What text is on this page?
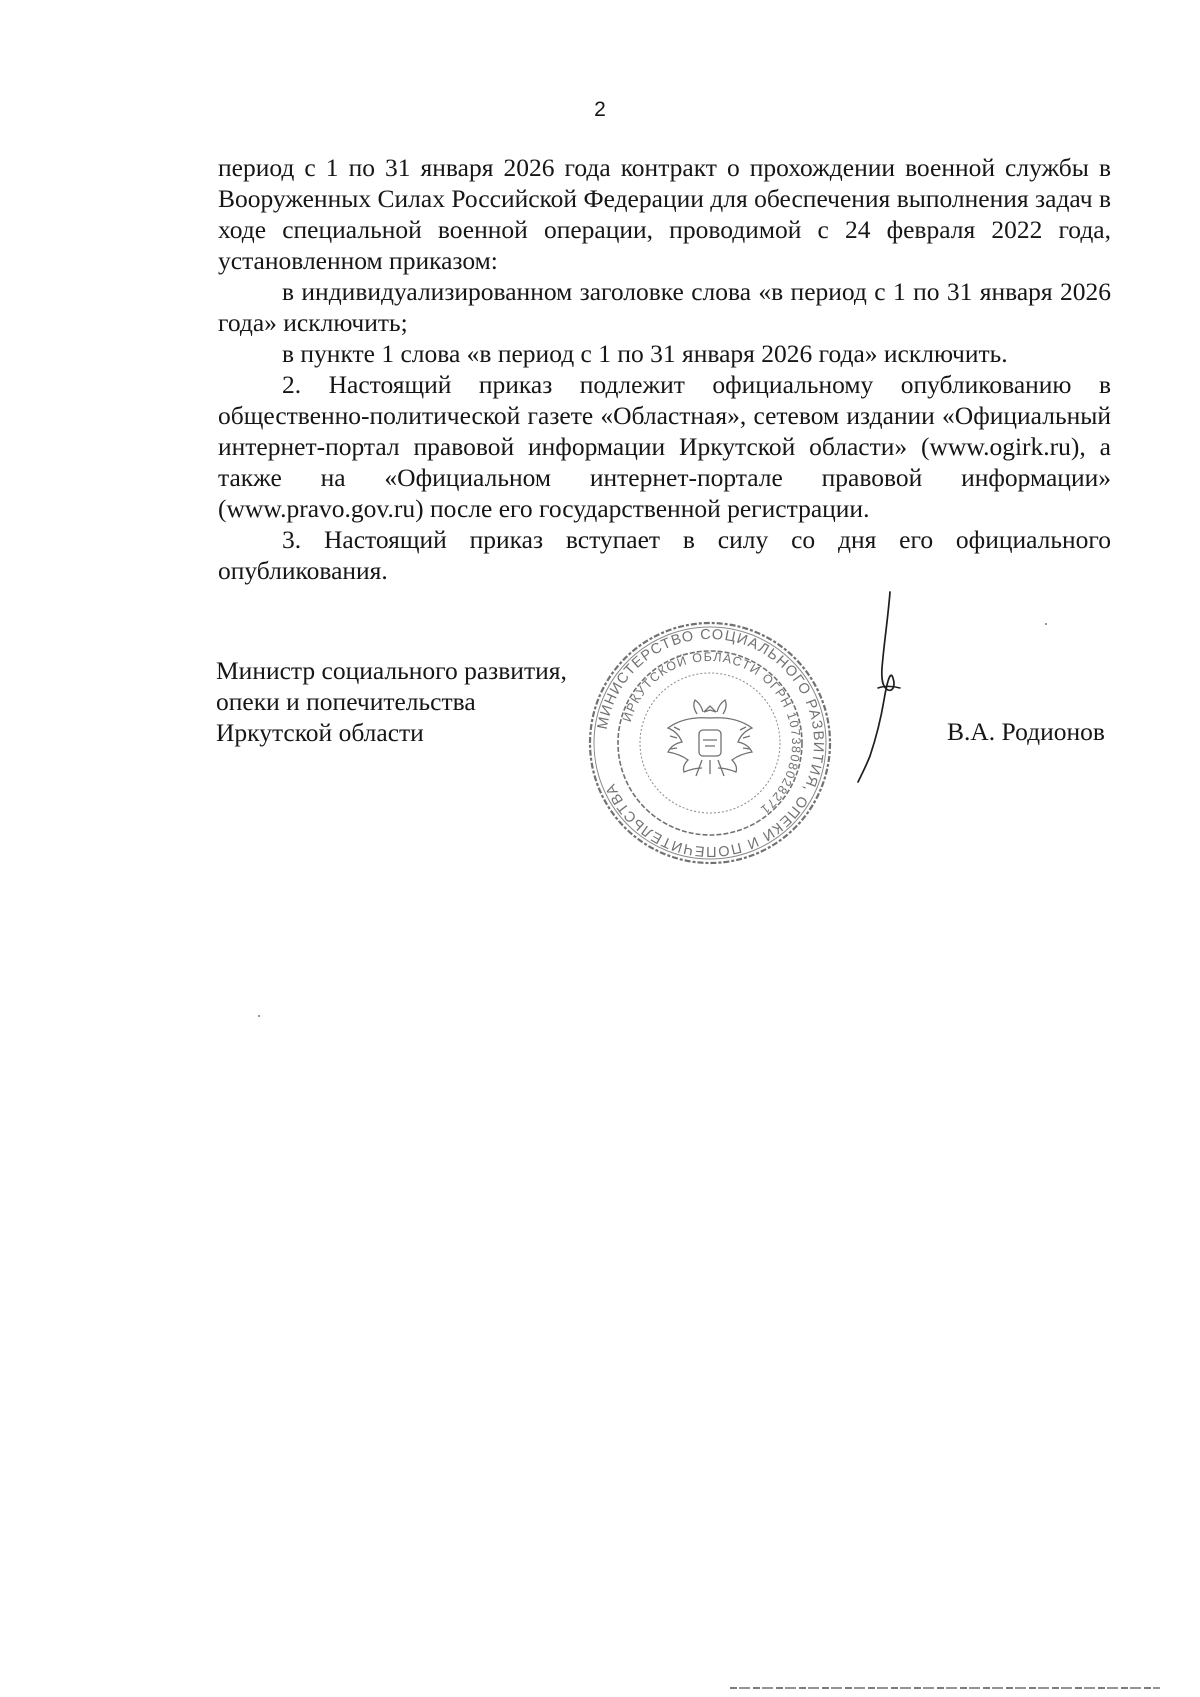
2

период с 1 по 31 января 2026 года контракт о прохождении военной службы в Вооруженных Силах Российской Федерации для обеспечения выполнения задач в ходе специальной военной операции, проводимой с 24 февраля 2022 года, установленном приказом:

в индивидуализированном заголовке слова «в период с 1 по 31 января 2026 года» исключить;

в пункте 1 слова «в период с 1 по 31 января 2026 года» исключить.

2. Настоящий приказ подлежит официальному опубликованию в общественно-политической газете «Областная», сетевом издании «Официальный интернет-портал правовой информации Иркутской области» (www.ogirk.ru), а также на «Официальном интернет-портале правовой информации» (www.pravo.gov.ru) после его государственной регистрации.

3. Настоящий приказ вступает в силу со дня его официального опубликования.

Министр социального развития,
опеки и попечительства
Иркутской области	МИНИСТЕРСТВО СОЦИАЛЬНОГО РАЗВИТИЯ, ОПЕКИ И ПОПЕЧИТЕЛЬСТВА
ИРКУТСКОЙ ОБЛАСТИ ОГРН 1073808028271
В.А. Родионов
